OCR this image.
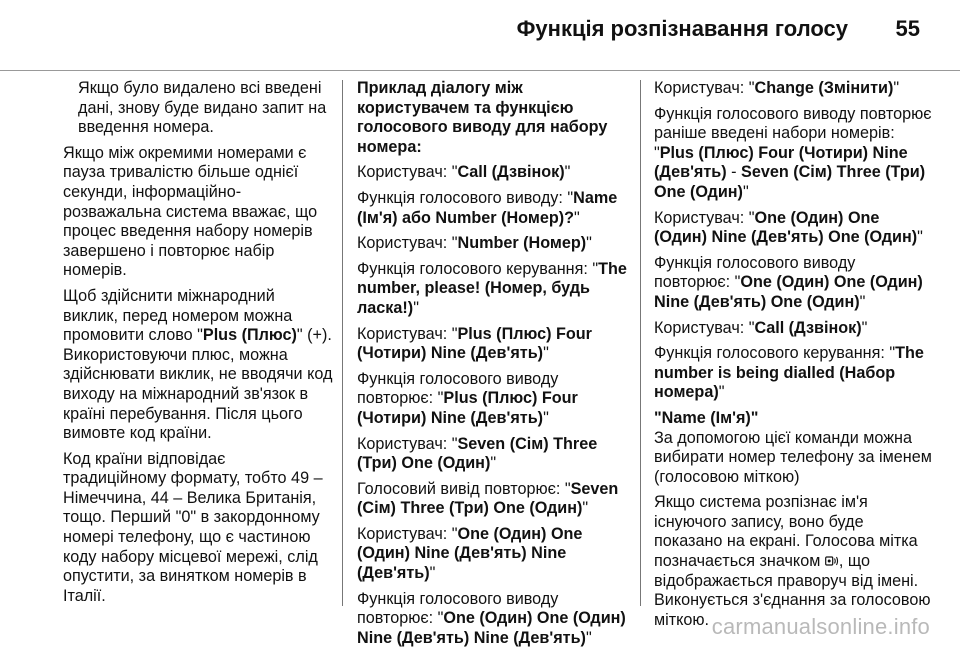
Функція розпізнавання голосу 55

Якщо було видалено всі введені дані, знову буде видано запит на введення номера.

Якщо між окремими номерами є пауза тривалістю більше однієї секунди, інформаційно-розважальна система вважає, що процес введення набору номерів завершено і повторює набір номерів.

Щоб здійснити міжнародний виклик, перед номером можна промовити слово "Plus (Плюс)" (+). Використовуючи плюс, можна здійснювати виклик, не вводячи код виходу на міжнародний зв'язок в країні перебування. Після цього вимовте код країни.

Код країни відповідає традиційному формату, тобто 49 – Німеччина, 44 – Велика Британія, тощо. Перший "0" в закордонному номері телефону, що є частиною коду набору місцевої мережі, слід опустити, за винятком номерів в Італії.

Приклад діалогу між користувачем та функцією голосового виводу для набору номера:

Користувач: "Call (Дзвінок)"

Функція голосового виводу: "Name (Ім'я) або Number (Номер)?"

Користувач: "Number (Номер)"

Функція голосового керування: "The number, please! (Номер, будь ласка!)"

Користувач: "Plus (Плюс) Four (Чотири) Nine (Дев'ять)"

Функція голосового виводу повторює: "Plus (Плюс) Four (Чотири) Nine (Дев'ять)"

Користувач: "Seven (Сім) Three (Три) One (Один)"

Голосовий вивід повторює: "Seven (Сім) Three (Три) One (Один)"

Користувач: "One (Один) One (Один) Nine (Дев'ять) Nine (Дев'ять)"

Функція голосового виводу повторює: "One (Один) One (Один) Nine (Дев'ять) Nine (Дев'ять)"

Користувач: "Change (Змінити)"

Функція голосового виводу повторює раніше введені набори номерів: "Plus (Плюс) Four (Чотири) Nine (Дев'ять) - Seven (Сім) Three (Три) One (Один)"

Користувач: "One (Один) One (Один) Nine (Дев'ять) One (Один)"

Функція голосового виводу повторює: "One (Один) One (Один) Nine (Дев'ять) One (Один)"

Користувач: "Call (Дзвінок)"

Функція голосового керування: "The number is being dialled (Набор номера)"

"Name (Ім'я)"

За допомогою цієї команди можна вибирати номер телефону за іменем (голосовою міткою)

Якщо система розпізнає ім'я існуючого запису, воно буде показано на екрані. Голосова мітка позначається значком , що відображається праворуч від імені. Виконується з'єднання за голосовою міткою. carmanualsonline.info
